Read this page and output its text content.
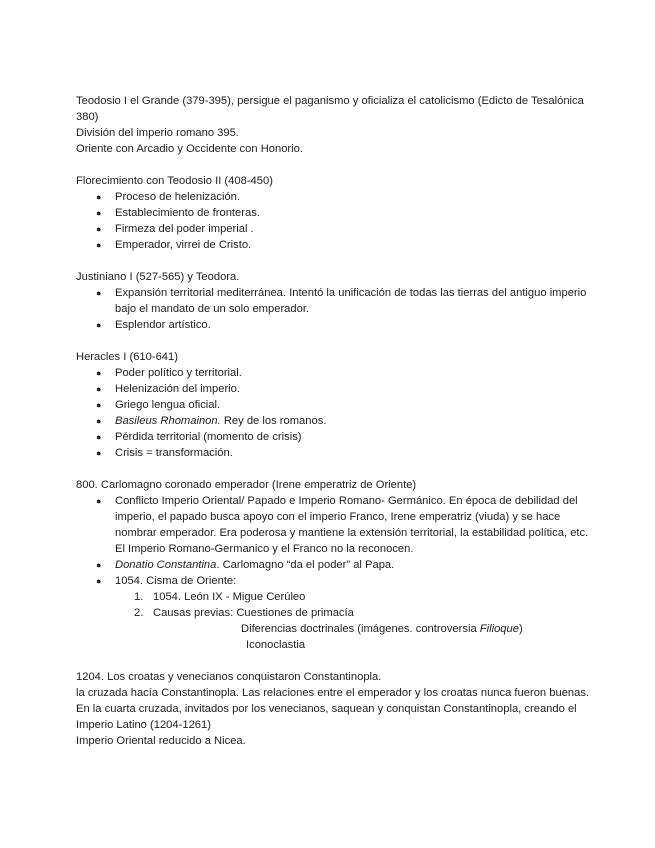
Teodosio I el Grande (379-395), persigue el paganismo y oficializa el catolicismo (Edicto de Tesalónica 380)

División del imperio romano 395.

Oriente con Arcadio y Occidente con Honorio.

Florecimiento con Teodosio II (408-450)

● Proceso de helenización.
● Establecimiento de fronteras.
● Firmeza del poder imperial .
● Emperador, virrei de Cristo.

Justiniano I (527-565) y Teodora.

● Expansión territorial mediterránea. Intentó la unificación de todas las tierras del antiguo imperio bajo el mandato de un solo emperador.
● Esplendor artístico.

Heracles I (610-641)

● Poder político y territorial.
● Helenización del imperio.
● Griego lengua oficial.
● Basileus Rhomainon. Rey de los romanos.
● Pérdida territorial (momento de crisis)
● Crisis = transformación.

800. Carlomagno coronado emperador (Irene emperatriz de Oriente)

● Conflicto Imperio Oriental/ Papado e Imperio Romano- Germánico. En época de debilidad del imperio, el papado busca apoyo con el imperio Franco, Irene emperatriz (viuda) y se hace nombrar emperador. Era poderosa y mantiene la extensión territorial, la estabilidad política, etc. El Imperio Romano-Germanico y el Franco no la reconocen.
● Donatio Constantina. Carlomagno “da el poder” al Papa.
● 1054. Cisma de Oriente:
1. 1054. León IX - Migue Cerúleo
2. Causas previas: Cuestiones de primacía

Diferencias doctrinales (imágenes. controversia Filioque)

Iconoclastia

1204. Los croatas y venecianos conquistaron Constantinopla.

la cruzada hacía Constantinopla. Las relaciones entre el emperador y los croatas nunca fueron buenas. En la cuarta cruzada, invitados por los venecianos, saquean y conquistan Constantinopla, creando el Imperio Latino (1204-1261)

Imperio Oriental reducido a Nicea.
